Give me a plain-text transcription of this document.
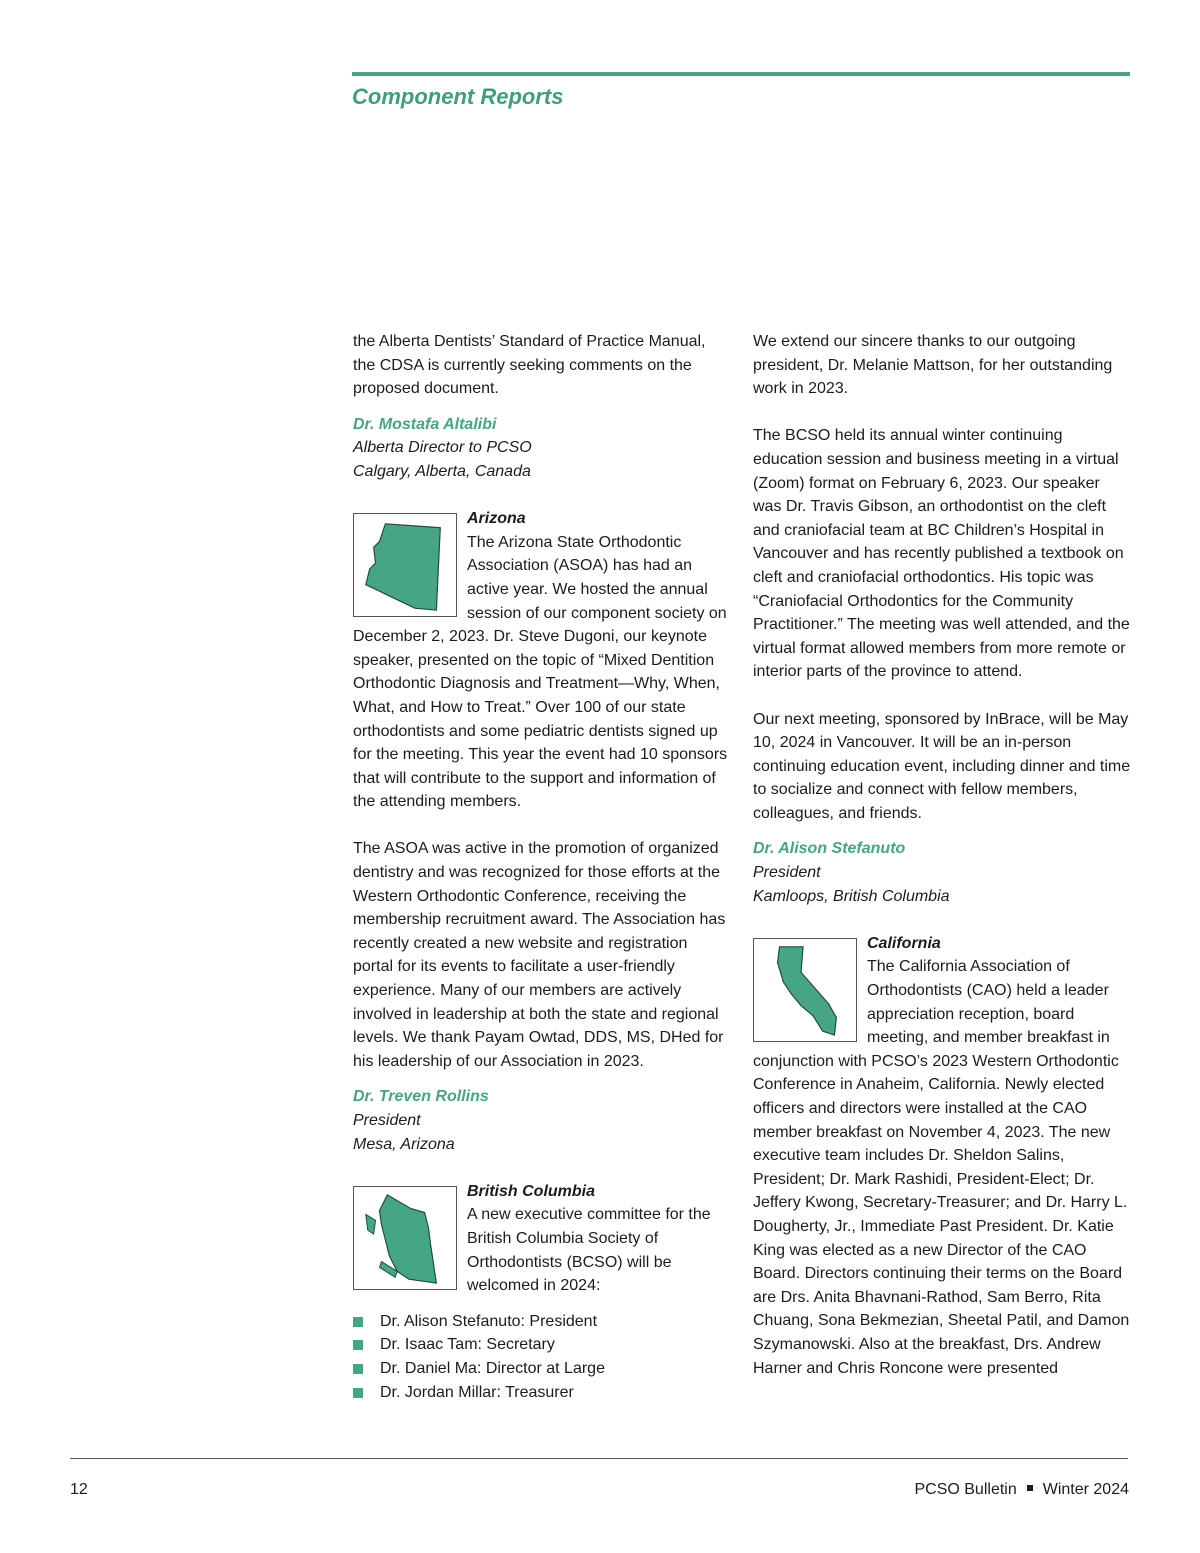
Component Reports

the Alberta Dentists’ Standard of Practice Manual, the CDSA is currently seeking comments on the proposed document.

Dr. Mostafa Altalibi

Alberta Director to PCSO

Calgary, Alberta, Canada

Arizona

The Arizona State Orthodontic Association (ASOA) has had an active year. We hosted the annual session of our component society on December 2, 2023. Dr. Steve Dugoni, our keynote speaker, presented on the topic of “Mixed Dentition Orthodontic Diagnosis and Treatment—Why, When, What, and How to Treat.” Over 100 of our state orthodontists and some pediatric dentists signed up for the meeting. This year the event had 10 sponsors that will contribute to the support and information of the attending members.

The ASOA was active in the promotion of organized dentistry and was recognized for those efforts at the Western Orthodontic Conference, receiving the membership recruitment award. The Association has recently created a new website and registration portal for its events to facilitate a user-friendly experience. Many of our members are actively involved in leadership at both the state and regional levels. We thank Payam Owtad, DDS, MS, DHed for his leadership of our Association in 2023.

Dr. Treven Rollins

President

Mesa, Arizona

British Columbia

A new executive committee for the British Columbia Society of Orthodontists (BCSO) will be welcomed in 2024:

Dr. Alison Stefanuto: President
Dr. Isaac Tam: Secretary
Dr. Daniel Ma: Director at Large
Dr. Jordan Millar: Treasurer

We extend our sincere thanks to our outgoing president, Dr. Melanie Mattson, for her outstanding work in 2023.

The BCSO held its annual winter continuing education session and business meeting in a virtual (Zoom) format on February 6, 2023. Our speaker was Dr. Travis Gibson, an orthodontist on the cleft and craniofacial team at BC Children’s Hospital in Vancouver and has recently published a textbook on cleft and craniofacial orthodontics. His topic was “Craniofacial Orthodontics for the Community Practitioner.” The meeting was well attended, and the virtual format allowed members from more remote or interior parts of the province to attend.

Our next meeting, sponsored by InBrace, will be May 10, 2024 in Vancouver. It will be an in-person continuing education event, including dinner and time to socialize and connect with fellow members, colleagues, and friends.

Dr. Alison Stefanuto

President

Kamloops, British Columbia

California

The California Association of Orthodontists (CAO) held a leader appreciation reception, board meeting, and member breakfast in conjunction with PCSO’s 2023 Western Orthodontic Conference in Anaheim, California. Newly elected officers and directors were installed at the CAO member breakfast on November 4, 2023. The new executive team includes Dr. Sheldon Salins, President; Dr. Mark Rashidi, President-Elect; Dr. Jeffery Kwong, Secretary-Treasurer; and Dr. Harry L. Dougherty, Jr., Immediate Past President. Dr. Katie King was elected as a new Director of the CAO Board. Directors continuing their terms on the Board are Drs. Anita Bhavnani-Rathod, Sam Berro, Rita Chuang, Sona Bekmezian, Sheetal Patil, and Damon Szymanowski. Also at the breakfast, Drs. Andrew Harner and Chris Roncone were presented

12	PCSO Bulletin Winter 2024
